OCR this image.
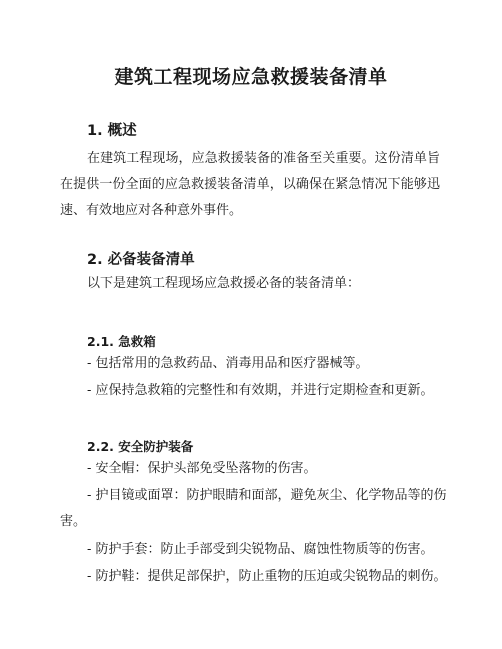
建筑工程现场应急救援装备清单
1. 概述
在建筑工程现场，应急救援装备的准备至关重要。这份清单旨在提供一份全面的应急救援装备清单，以确保在紧急情况下能够迅速、有效地应对各种意外事件。
2. 必备装备清单
以下是建筑工程现场应急救援必备的装备清单：
2.1. 急救箱
- 包括常用的急救药品、消毒用品和医疗器械等。
- 应保持急救箱的完整性和有效期，并进行定期检查和更新。
2.2. 安全防护装备
- 安全帽：保护头部免受坠落物的伤害。
- 护目镜或面罩：防护眼睛和面部，避免灰尘、化学物品等的伤害。
- 防护手套：防止手部受到尖锐物品、腐蚀性物质等的伤害。
- 防护鞋：提供足部保护，防止重物的压迫或尖锐物品的刺伤。
